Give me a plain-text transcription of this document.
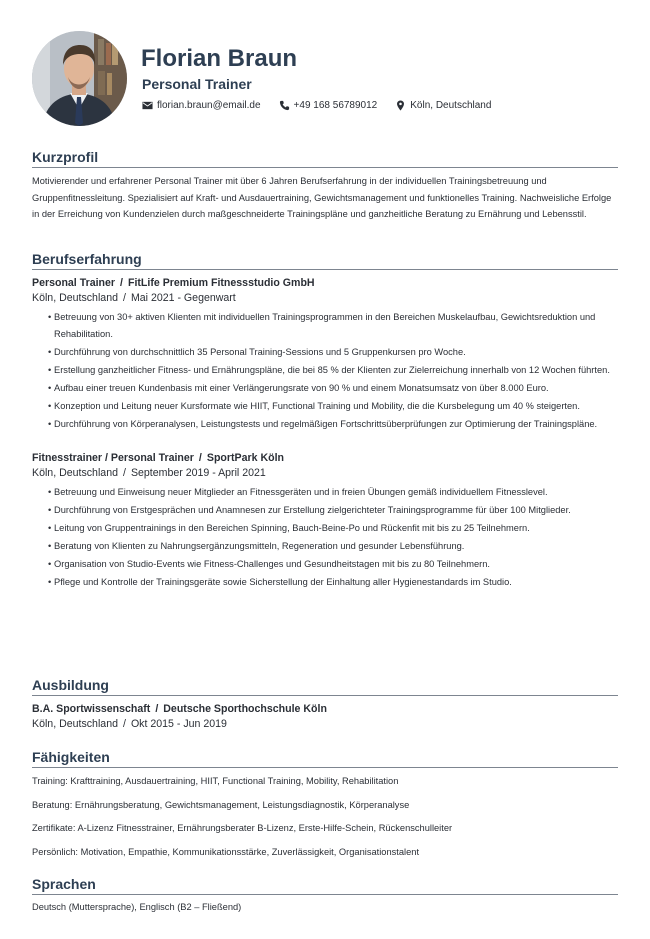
Florian Braun
Personal Trainer
florian.braun@email.de	+49 168 56789012	Köln, Deutschland
Kurzprofil

Motivierender und erfahrener Personal Trainer mit über 6 Jahren Berufserfahrung in der individuellen Trainingsbetreuung und Gruppenfitnessleitung. Spezialisiert auf Kraft- und Ausdauertraining, Gewichtsmanagement und funktionelles Training. Nachweisliche Erfolge in der Erreichung von Kundenzielen durch maßgeschneiderte Trainingspläne und ganzheitliche Beratung zu Ernährung und Lebensstil.

Berufserfahrung

Personal Trainer / FitLife Premium Fitnessstudio GmbH

Köln, Deutschland / Mai 2021 - Gegenwart

• Betreuung von 30+ aktiven Klienten mit individuellen Trainingsprogrammen in den Bereichen Muskelaufbau, Gewichtsreduktion und Rehabilitation.
• Durchführung von durchschnittlich 35 Personal Training-Sessions und 5 Gruppenkursen pro Woche.
• Erstellung ganzheitlicher Fitness- und Ernährungspläne, die bei 85 % der Klienten zur Zielerreichung innerhalb von 12 Wochen führten.
• Aufbau einer treuen Kundenbasis mit einer Verlängerungsrate von 90 % und einem Monatsumsatz von über 8.000 Euro.
• Konzeption und Leitung neuer Kursformate wie HIIT, Functional Training und Mobility, die die Kursbelegung um 40 % steigerten.
• Durchführung von Körperanalysen, Leistungstests und regelmäßigen Fortschrittsüberprüfungen zur Optimierung der Trainingspläne.

Fitnesstrainer / Personal Trainer / SportPark Köln

Köln, Deutschland / September 2019 - April 2021

• Betreuung und Einweisung neuer Mitglieder an Fitnessgeräten und in freien Übungen gemäß individuellem Fitnesslevel.
• Durchführung von Erstgesprächen und Anamnesen zur Erstellung zielgerichteter Trainingsprogramme für über 100 Mitglieder.
• Leitung von Gruppentrainings in den Bereichen Spinning, Bauch-Beine-Po und Rückenfit mit bis zu 25 Teilnehmern.
• Beratung von Klienten zu Nahrungsergänzungsmitteln, Regeneration und gesunder Lebensführung.
• Organisation von Studio-Events wie Fitness-Challenges und Gesundheitstagen mit bis zu 80 Teilnehmern.
• Pflege und Kontrolle der Trainingsgeräte sowie Sicherstellung der Einhaltung aller Hygienestandards im Studio.
Ausbildung

B.A. Sportwissenschaft / Deutsche Sporthochschule Köln

Köln, Deutschland / Okt 2015 - Jun 2019

Fähigkeiten

Training: Krafttraining, Ausdauertraining, HIIT, Functional Training, Mobility, Rehabilitation

Beratung: Ernährungsberatung, Gewichtsmanagement, Leistungsdiagnostik, Körperanalyse

Zertifikate: A-Lizenz Fitnesstrainer, Ernährungsberater B-Lizenz, Erste-Hilfe-Schein, Rückenschulleiter

Persönlich: Motivation, Empathie, Kommunikationsstärke, Zuverlässigkeit, Organisationstalent

Sprachen

Deutsch (Muttersprache), Englisch (B2 – Fließend)
